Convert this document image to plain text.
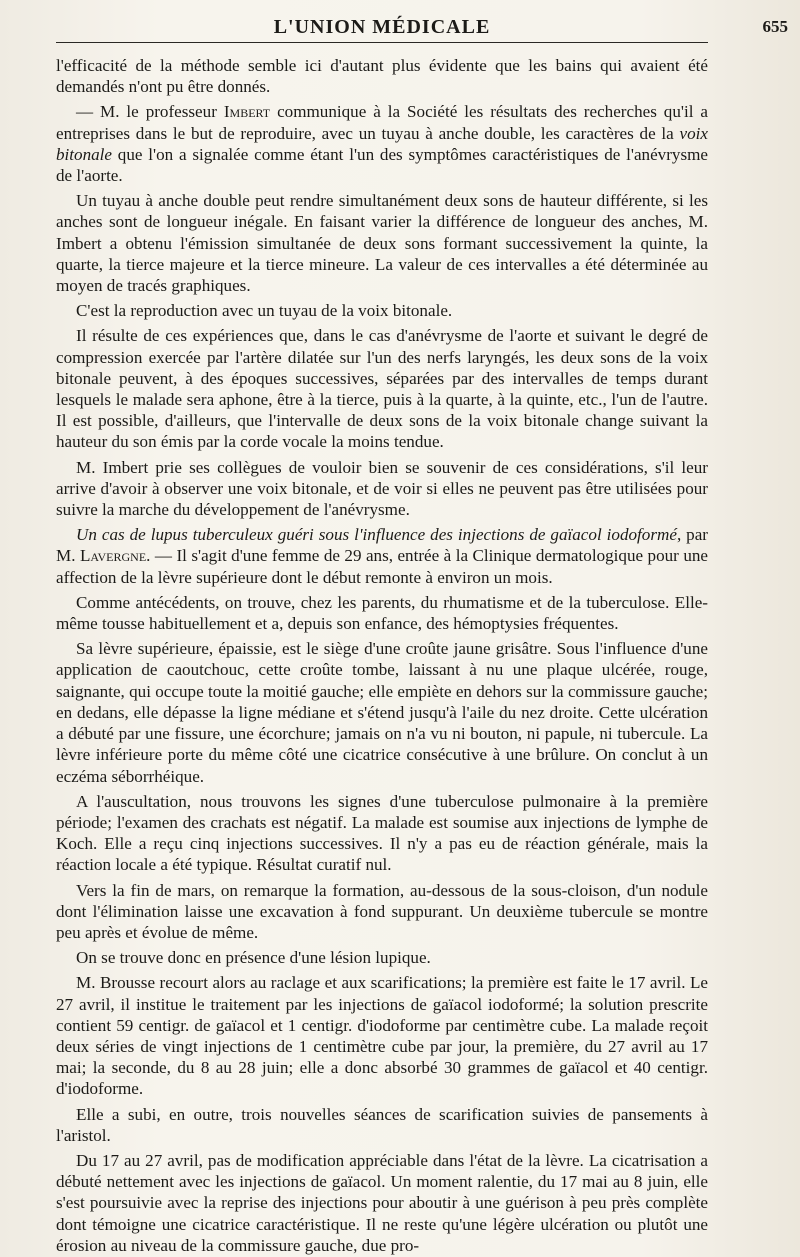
L'UNION MÉDICALE	655

l'efficacité de la méthode semble ici d'autant plus évidente que les bains qui avaient été demandés n'ont pu être donnés.

— M. le professeur Imbert communique à la Société les résultats des recherches qu'il a entreprises dans le but de reproduire, avec un tuyau à anche double, les caractères de la voix bitonale que l'on a signalée comme étant l'un des symptômes caractéristiques de l'anévrysme de l'aorte.

Un tuyau à anche double peut rendre simultanément deux sons de hauteur différente, si les anches sont de longueur inégale. En faisant varier la différence de longueur des anches, M. Imbert a obtenu l'émission simultanée de deux sons formant successivement la quinte, la quarte, la tierce majeure et la tierce mineure. La valeur de ces intervalles a été déterminée au moyen de tracés graphiques.

C'est la reproduction avec un tuyau de la voix bitonale.

Il résulte de ces expériences que, dans le cas d'anévrysme de l'aorte et suivant le degré de compression exercée par l'artère dilatée sur l'un des nerfs laryngés, les deux sons de la voix bitonale peuvent, à des époques successives, séparées par des intervalles de temps durant lesquels le malade sera aphone, être à la tierce, puis à la quarte, à la quinte, etc., l'un de l'autre. Il est possible, d'ailleurs, que l'intervalle de deux sons de la voix bitonale change suivant la hauteur du son émis par la corde vocale la moins tendue.

M. Imbert prie ses collègues de vouloir bien se souvenir de ces considérations, s'il leur arrive d'avoir à observer une voix bitonale, et de voir si elles ne peuvent pas être utilisées pour suivre la marche du développement de l'anévrysme.

Un cas de lupus tuberculeux guéri sous l'influence des injections de gaïacol iodoformé, par M. Lavergne. — Il s'agit d'une femme de 29 ans, entrée à la Clinique dermatologique pour une affection de la lèvre supérieure dont le début remonte à environ un mois.

Comme antécédents, on trouve, chez les parents, du rhumatisme et de la tuberculose. Elle-même tousse habituellement et a, depuis son enfance, des hémoptysies fréquentes.

Sa lèvre supérieure, épaissie, est le siège d'une croûte jaune grisâtre. Sous l'influence d'une application de caoutchouc, cette croûte tombe, laissant à nu une plaque ulcérée, rouge, saignante, qui occupe toute la moitié gauche; elle empiète en dehors sur la commissure gauche; en dedans, elle dépasse la ligne médiane et s'étend jusqu'à l'aile du nez droite. Cette ulcération a débuté par une fissure, une écorchure; jamais on n'a vu ni bouton, ni papule, ni tubercule. La lèvre inférieure porte du même côté une cicatrice consécutive à une brûlure. On conclut à un eczéma séborrhéique.

A l'auscultation, nous trouvons les signes d'une tuberculose pulmonaire à la première période; l'examen des crachats est négatif. La malade est soumise aux injections de lymphe de Koch. Elle a reçu cinq injections successives. Il n'y a pas eu de réaction générale, mais la réaction locale a été typique. Résultat curatif nul.

Vers la fin de mars, on remarque la formation, au-dessous de la sous-cloison, d'un nodule dont l'élimination laisse une excavation à fond suppurant. Un deuxième tubercule se montre peu après et évolue de même.

On se trouve donc en présence d'une lésion lupique.

M. Brousse recourt alors au raclage et aux scarifications; la première est faite le 17 avril. Le 27 avril, il institue le traitement par les injections de gaïacol iodoformé; la solution prescrite contient 59 centigr. de gaïacol et 1 centigr. d'iodoforme par centimètre cube. La malade reçoit deux séries de vingt injections de 1 centimètre cube par jour, la première, du 27 avril au 17 mai; la seconde, du 8 au 28 juin; elle a donc absorbé 30 grammes de gaïacol et 40 centigr. d'iodoforme.

Elle a subi, en outre, trois nouvelles séances de scarification suivies de pansements à l'aristol.

Du 17 au 27 avril, pas de modification appréciable dans l'état de la lèvre. La cicatrisation a débuté nettement avec les injections de gaïacol. Un moment ralentie, du 17 mai au 8 juin, elle s'est poursuivie avec la reprise des injections pour aboutir à une guérison à peu près complète dont témoigne une cicatrice caractéristique. Il ne reste qu'une légère ulcération ou plutôt une érosion au niveau de la commissure gauche, due pro-
